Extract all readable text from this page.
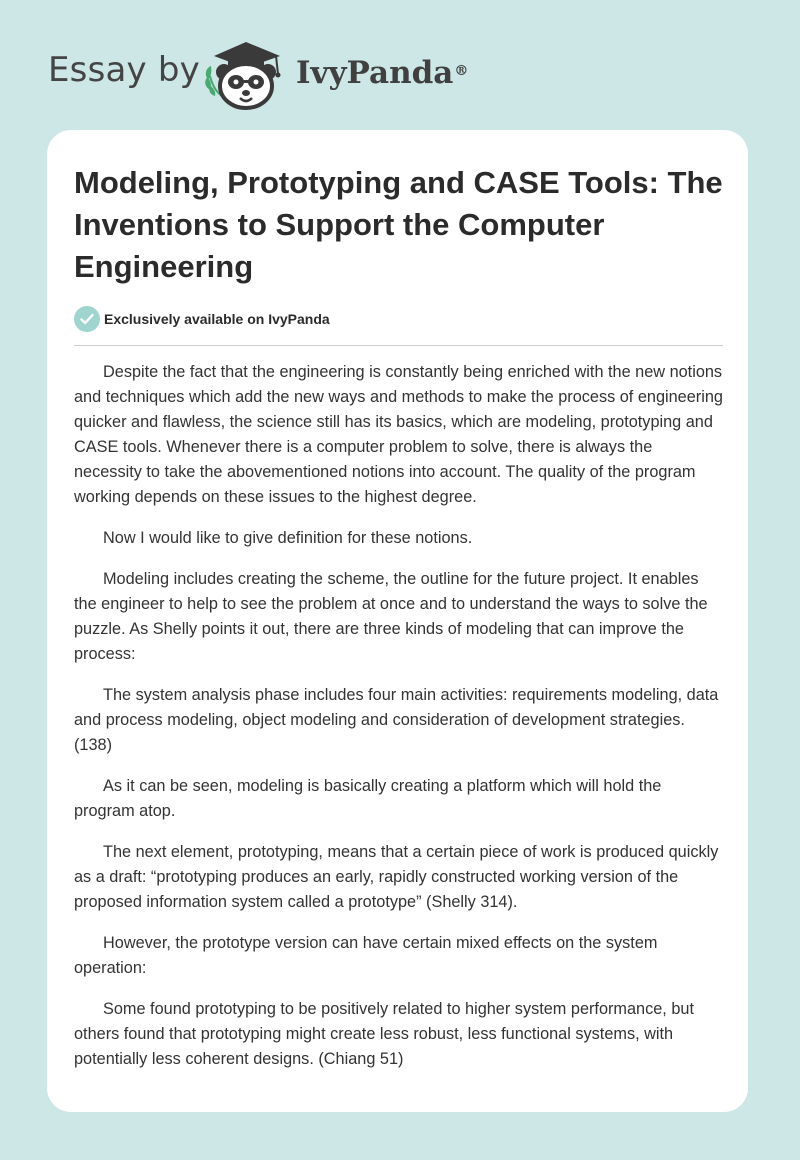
Essay by	IvyPanda®
Modeling, Prototyping and CASE Tools: The Inventions to Support the Computer Engineering
Exclusively available on IvyPanda

Despite the fact that the engineering is constantly being enriched with the new notions and techniques which add the new ways and methods to make the process of engineering quicker and flawless, the science still has its basics, which are modeling, prototyping and CASE tools. Whenever there is a computer problem to solve, there is always the necessity to take the abovementioned notions into account. The quality of the program working depends on these issues to the highest degree.

Now I would like to give definition for these notions.

Modeling includes creating the scheme, the outline for the future project. It enables the engineer to help to see the problem at once and to understand the ways to solve the puzzle. As Shelly points it out, there are three kinds of modeling that can improve the process:

The system analysis phase includes four main activities: requirements modeling, data and process modeling, object modeling and consideration of development strategies. (138)

As it can be seen, modeling is basically creating a platform which will hold the program atop.

The next element, prototyping, means that a certain piece of work is produced quickly as a draft: “prototyping produces an early, rapidly constructed working version of the proposed information system called a prototype” (Shelly 314).

However, the prototype version can have certain mixed effects on the system operation:

Some found prototyping to be positively related to higher system performance, but others found that prototyping might create less robust, less functional systems, with potentially less coherent designs. (Chiang 51)
